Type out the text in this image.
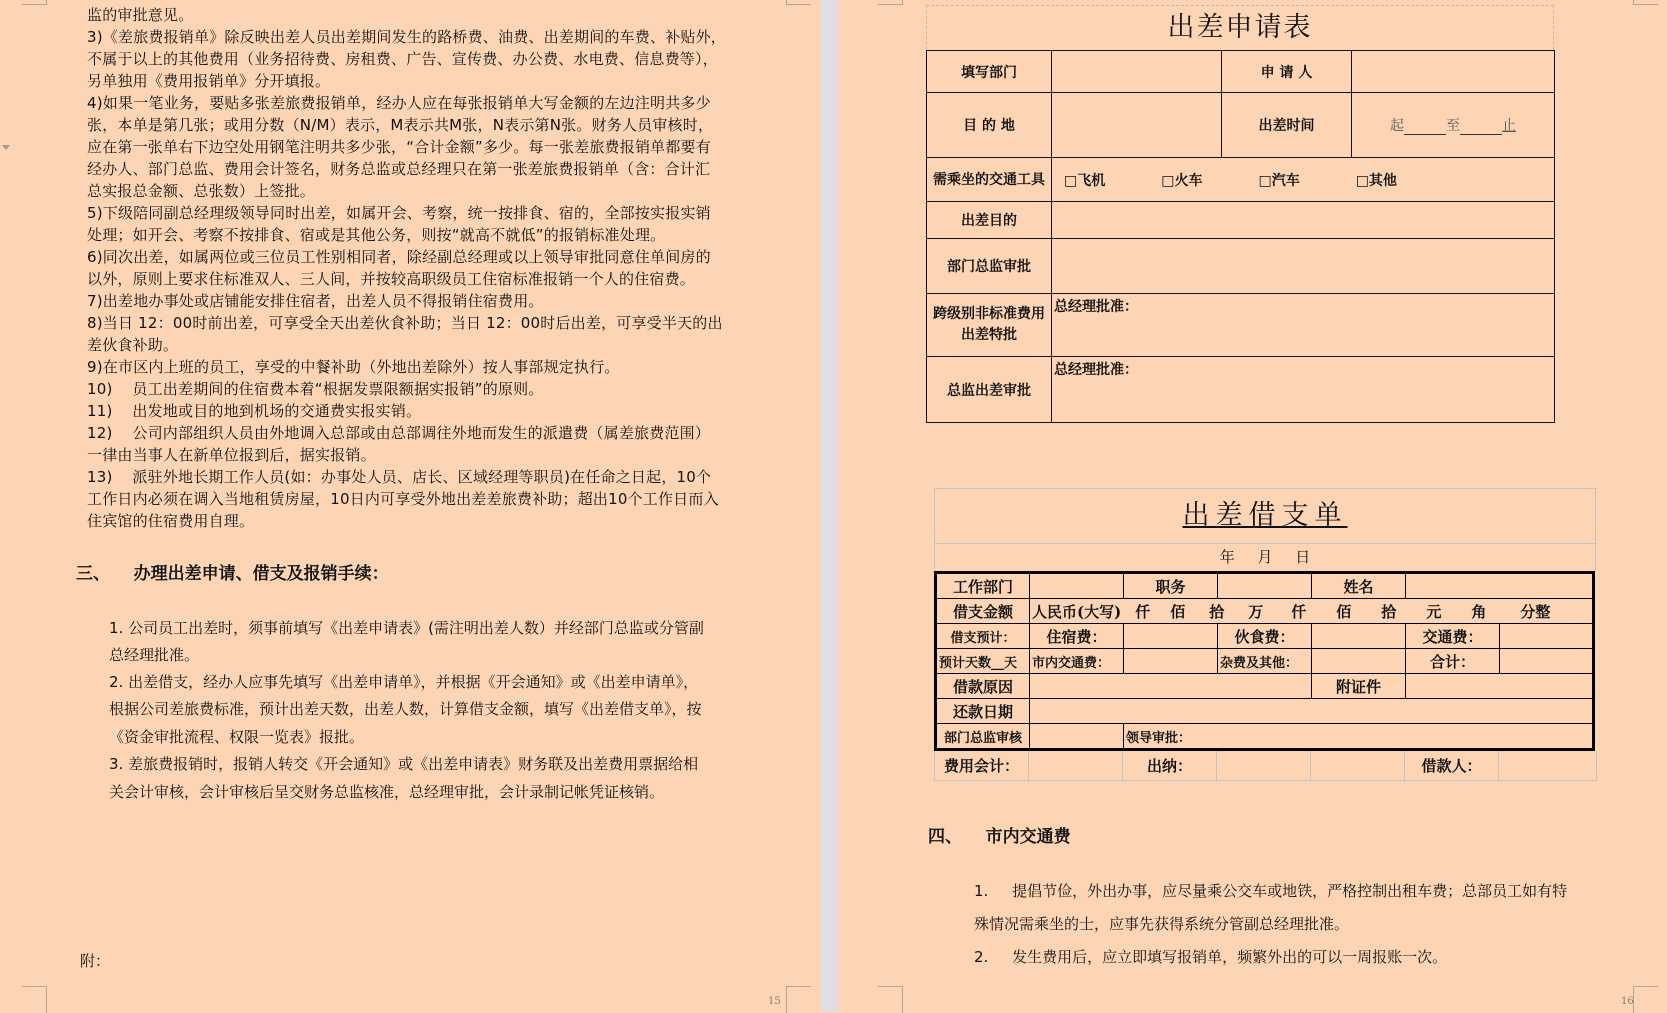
监的审批意见。
3)《差旅费报销单》除反映出差人员出差期间发生的路桥费、油费、出差期间的车费、补贴外，
不属于以上的其他费用（业务招待费、房租费、广告、宣传费、办公费、水电费、信息费等），
另单独用《费用报销单》分开填报。
4)如果一笔业务，要贴多张差旅费报销单，经办人应在每张报销单大写金额的左边注明共多少
张，本单是第几张；或用分数（N/M）表示，M表示共M张，N表示第N张。财务人员审核时，
应在第一张单右下边空处用钢笔注明共多少张，“合计金额”多少。每一张差旅费报销单都要有
经办人、部门总监、费用会计签名，财务总监或总经理只在第一张差旅费报销单（含：合计汇
总实报总金额、总张数）上签批。
5)下级陪同副总经理级领导同时出差，如属开会、考察，统一按排食、宿的，全部按实报实销
处理；如开会、考察不按排食、宿或是其他公务，则按“就高不就低”的报销标准处理。
6)同次出差，如属两位或三位员工性别相同者，除经副总经理或以上领导审批同意住单间房的
以外，原则上要求住标准双人、三人间，并按较高职级员工住宿标准报销一个人的住宿费。
7)出差地办事处或店铺能安排住宿者，出差人员不得报销住宿费用。
8)当日 12：00时前出差，可享受全天出差伙食补助；当日 12：00时后出差，可享受半天的出
差伙食补助。
9)在市区内上班的员工，享受的中餐补助（外地出差除外）按人事部规定执行。
10)    员工出差期间的住宿费本着“根据发票限额据实报销”的原则。
11)    出发地或目的地到机场的交通费实报实销。
12)    公司内部组织人员由外地调入总部或由总部调往外地而发生的派遣费（属差旅费范围）
一律由当事人在新单位报到后，据实报销。
13)    派驻外地长期工作人员(如：办事处人员、店长、区域经理等职员)在任命之日起，10个
工作日内必须在调入当地租赁房屋，10日内可享受外地出差差旅费补助；超出10个工作日而入
住宾馆的住宿费用自理。
三、    办理出差申请、借支及报销手续：
1. 公司员工出差时，须事前填写《出差申请表》(需注明出差人数）并经部门总监或分管副
总经理批准。
2. 出差借支，经办人应事先填写《出差申请单》，并根据《开会通知》或《出差申请单》，
根据公司差旅费标准，预计出差天数，出差人数，计算借支金额，填写《出差借支单》，按
《资金审批流程、权限一览表》报批。
3. 差旅费报销时，报销人转交《开会通知》或《出差申请表》财务联及出差费用票据给相
关会计审核，会计审核后呈交财务总监核准，总经理审批，会计录制记帐凭证核销。
附：
15	16
出差申请表
填写部门		申 请 人	
目 的 地		出差时间	起 至 止
需乘坐的交通工具	□飞机 □火车 □汽车 □其他		
出差目的			
部门总监审批			
跨级别非标准费用出差特批	总经理批准：		
总监出差审批	总经理批准：		
出差借支单
年 月 日
工作部门		职务		姓名		
借支金额	人民币(大写) 仟 佰 拾 万 仟 佰 拾 元 角 分整					
借支预计：	住宿费：		伙食费：		交通费：	
预计天数__天	市内交通费：		杂费及其他：		合计：	
借款原因				附证件		
还款日期						
部门总监审核		领导审批：				
费用会计：		出纳：			借款人：	
四、    市内交通费
1.     提倡节俭，外出办事，应尽量乘公交车或地铁，严格控制出租车费；总部员工如有特
殊情况需乘坐的士，应事先获得系统分管副总经理批准。
2.     发生费用后，应立即填写报销单，频繁外出的可以一周报账一次。
